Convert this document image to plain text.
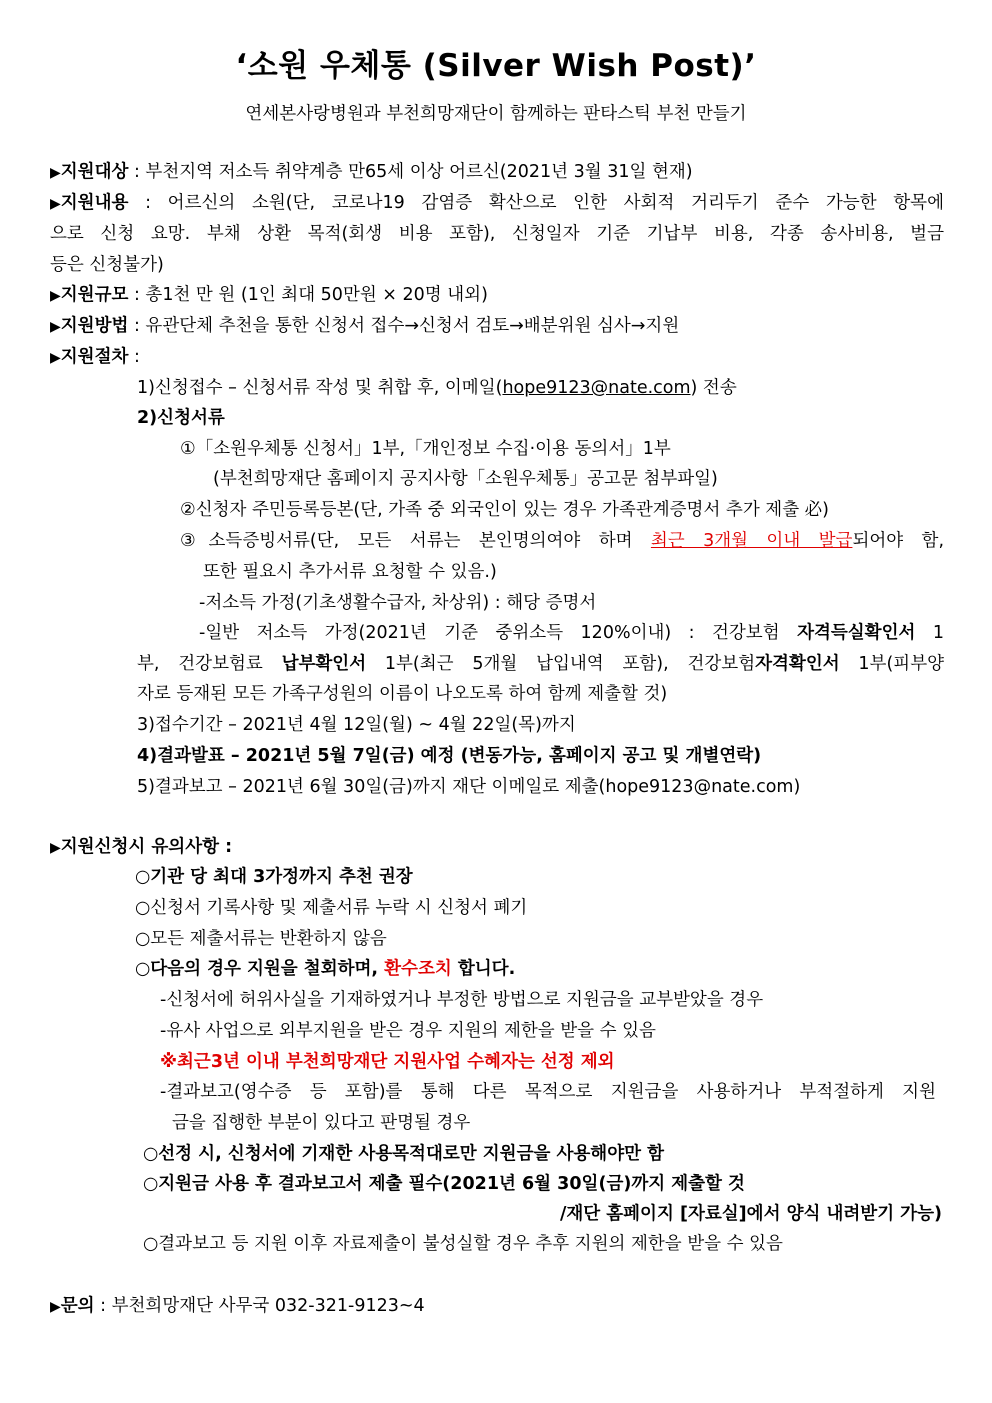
‘소원 우체통 (Silver Wish Post)’
연세본사랑병원과 부천희망재단이 함께하는 판타스틱 부천 만들기
▶지원대상 : 부천지역 저소득 취약계층 만65세 이상 어르신(2021년 3월 31일 현재)
▶지원내용 : 어르신의 소원(단, 코로나19 감염증 확산으로 인한 사회적 거리두기 준수 가능한 항목에
으로 신청 요망. 부채 상환 목적(회생 비용 포함), 신청일자 기준 기납부 비용, 각종 송사비용, 벌금
등은 신청불가)
▶지원규모 : 총1천 만 원 (1인 최대 50만원 × 20명 내외)
▶지원방법 : 유관단체 추천을 통한 신청서 접수→신청서 검토→배분위원 심사→지원
▶지원절차 :
1)신청접수 – 신청서류 작성 및 취합 후, 이메일(hope9123@nate.com) 전송
2)신청서류
①「소원우체통 신청서」1부,「개인정보 수집·이용 동의서」1부
(부천희망재단 홈페이지 공지사항「소원우체통」공고문 첨부파일)
②신청자 주민등록등본(단, 가족 중 외국인이 있는 경우 가족관계증명서 추가 제출 必)
③소득증빙서류(단, 모든 서류는 본인명의여야 하며 최근 3개월 이내 발급되어야 함,
또한 필요시 추가서류 요청할 수 있음.)
-저소득 가정(기초생활수급자, 차상위) : 해당 증명서
-일반 저소득 가정(2021년 기준 중위소득 120%이내) : 건강보험 자격득실확인서 1
부, 건강보험료 납부확인서 1부(최근 5개월 납입내역 포함), 건강보험자격확인서 1부(피부양
자로 등재된 모든 가족구성원의 이름이 나오도록 하여 함께 제출할 것)
3)접수기간 – 2021년 4월 12일(월) ~ 4월 22일(목)까지
4)결과발표 – 2021년 5월 7일(금) 예정 (변동가능, 홈페이지 공고 및 개별연락)
5)결과보고 – 2021년 6월 30일(금)까지 재단 이메일로 제출(hope9123@nate.com)
▶지원신청시 유의사항 :
○기관 당 최대 3가정까지 추천 권장
○신청서 기록사항 및 제출서류 누락 시 신청서 폐기
○모든 제출서류는 반환하지 않음
○다음의 경우 지원을 철회하며, 환수조치 합니다.
-신청서에 허위사실을 기재하였거나 부정한 방법으로 지원금을 교부받았을 경우
-유사 사업으로 외부지원을 받은 경우 지원의 제한을 받을 수 있음
※최근3년 이내 부천희망재단 지원사업 수혜자는 선정 제외
-결과보고(영수증 등 포함)를 통해 다른 목적으로 지원금을 사용하거나 부적절하게 지원
금을 집행한 부분이 있다고 판명될 경우
○선정 시, 신청서에 기재한 사용목적대로만 지원금을 사용해야만 함
○지원금 사용 후 결과보고서 제출 필수(2021년 6월 30일(금)까지 제출할 것
/재단 홈페이지 [자료실]에서 양식 내려받기 가능)
○결과보고 등 지원 이후 자료제출이 불성실할 경우 추후 지원의 제한을 받을 수 있음
▶문의 : 부천희망재단 사무국 032-321-9123~4
